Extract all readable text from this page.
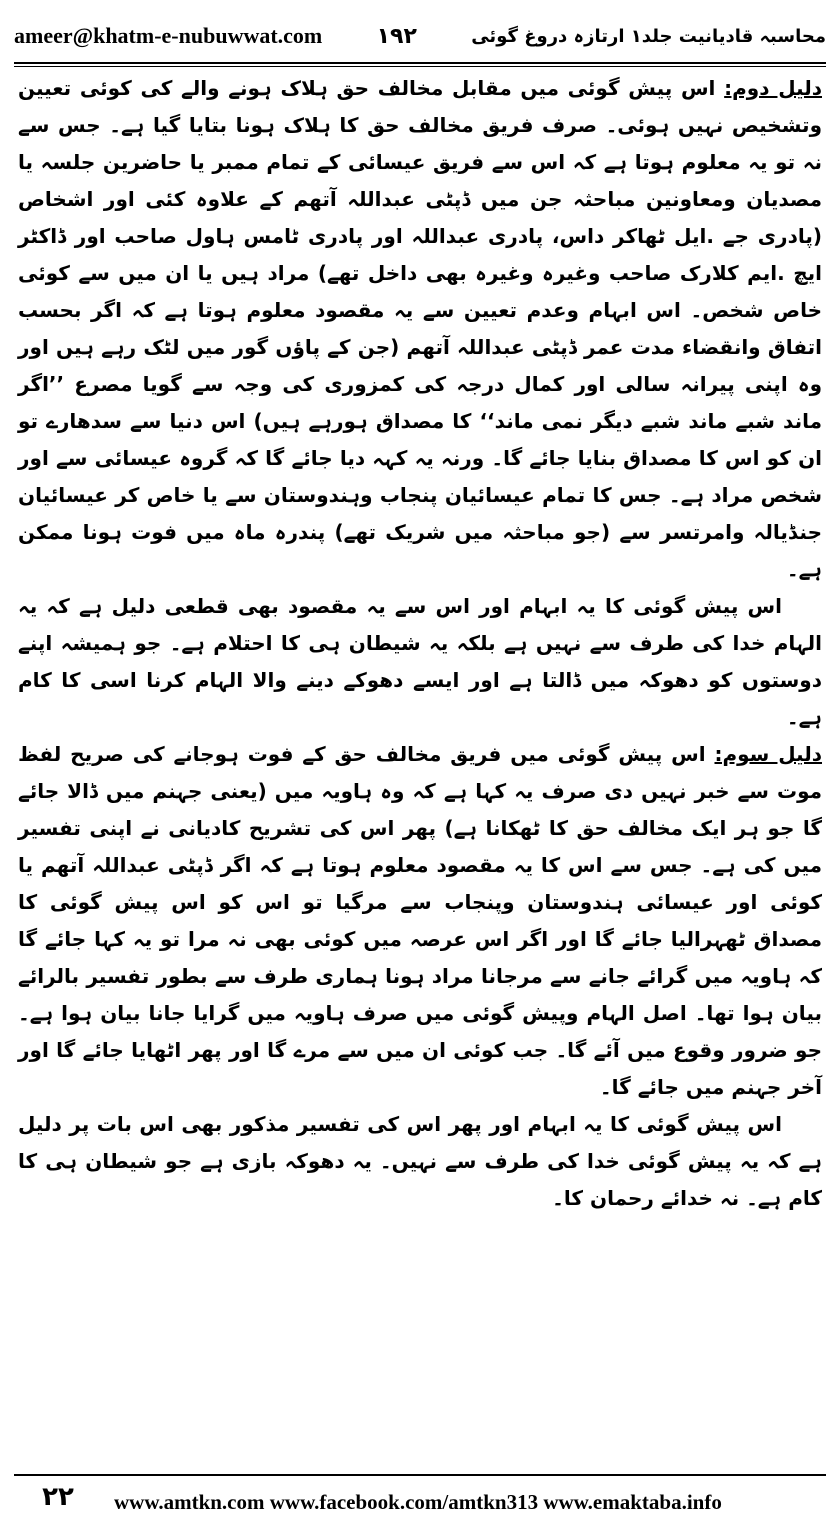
ameer@khatm-e-nubuwwat.com ١٩٢	محاسبہ قادیانیت جلد۱ ارتازہ دروغ گوئی

دلیل دوم: اس پیش گوئی میں مقابل مخالف حق ہلاک ہونے والے کی کوئی تعیین وتشخیص نہیں ہوئی۔ صرف فریق مخالف حق کا ہلاک ہونا بتایا گیا ہے۔ جس سے نہ تو یہ معلوم ہوتا ہے کہ اس سے فریق عیسائی کے تمام ممبر یا حاضرین جلسہ یا مصدیان ومعاونین مباحثہ جن میں ڈپٹی عبداللہ آتھم کے علاوہ کئی اور اشخاص (پادری جے .ایل ٹھاکر داس، پادری عبداللہ اور پادری ٹامس ہاول صاحب اور ڈاکٹر ایچ .ایم کلارک صاحب وغیرہ وغیرہ بھی داخل تھے) مراد ہیں یا ان میں سے کوئی خاص شخص۔ اس ابہام وعدم تعیین سے یہ مقصود معلوم ہوتا ہے کہ اگر بحسب اتفاق وانقضاء مدت عمر ڈپٹی عبداللہ آتھم (جن کے پاؤں گور میں لٹک رہے ہیں اور وہ اپنی پیرانہ سالی اور کمال درجہ کی کمزوری کی وجہ سے گویا مصرع ’’اگر ماند شبے ماند شبے دیگر نمی ماند‘‘ کا مصداق ہورہے ہیں) اس دنیا سے سدھارے تو ان کو اس کا مصداق بنایا جائے گا۔ ورنہ یہ کہہ دیا جائے گا کہ گروہ عیسائی سے اور شخص مراد ہے۔ جس کا تمام عیسائیان پنجاب وہندوستان سے یا خاص کر عیسائیان جنڈیالہ وامرتسر سے (جو مباحثہ میں شریک تھے) پندرہ ماہ میں فوت ہونا ممکن ہے۔

اس پیش گوئی کا یہ ابہام اور اس سے یہ مقصود بھی قطعی دلیل ہے کہ یہ الہام خدا کی طرف سے نہیں ہے بلکہ یہ شیطان ہی کا احتلام ہے۔ جو ہمیشہ اپنے دوستوں کو دھوکہ میں ڈالتا ہے اور ایسے دھوکے دینے والا الہام کرنا اسی کا کام ہے۔

دلیل سوم: اس پیش گوئی میں فریق مخالف حق کے فوت ہوجانے کی صریح لفظ موت سے خبر نہیں دی صرف یہ کہا ہے کہ وہ ہاویہ میں (یعنی جہنم میں ڈالا جائے گا جو ہر ایک مخالف حق کا ٹھکانا ہے) پھر اس کی تشریح کادیانی نے اپنی تفسیر میں کی ہے۔ جس سے اس کا یہ مقصود معلوم ہوتا ہے کہ اگر ڈپٹی عبداللہ آتھم یا کوئی اور عیسائی ہندوستان وپنجاب سے مرگیا تو اس کو اس پیش گوئی کا مصداق ٹھہرالیا جائے گا اور اگر اس عرصہ میں کوئی بھی نہ مرا تو یہ کہا جائے گا کہ ہاویہ میں گرائے جانے سے مرجانا مراد ہونا ہماری طرف سے بطور تفسیر بالرائے بیان ہوا تھا۔ اصل الہام وپیش گوئی میں صرف ہاویہ میں گرایا جانا بیان ہوا ہے۔ جو ضرور وقوع میں آئے گا۔ جب کوئی ان میں سے مرے گا اور پھر اٹھایا جائے گا اور آخر جہنم میں جائے گا۔

اس پیش گوئی کا یہ ابہام اور پھر اس کی تفسیر مذکور بھی اس بات پر دلیل ہے کہ یہ پیش گوئی خدا کی طرف سے نہیں۔ یہ دھوکہ بازی ہے جو شیطان ہی کا کام ہے۔ نہ خدائے رحمان کا۔

۲۲	www.amtkn.com www.facebook.com/amtkn313 www.emaktaba.info
